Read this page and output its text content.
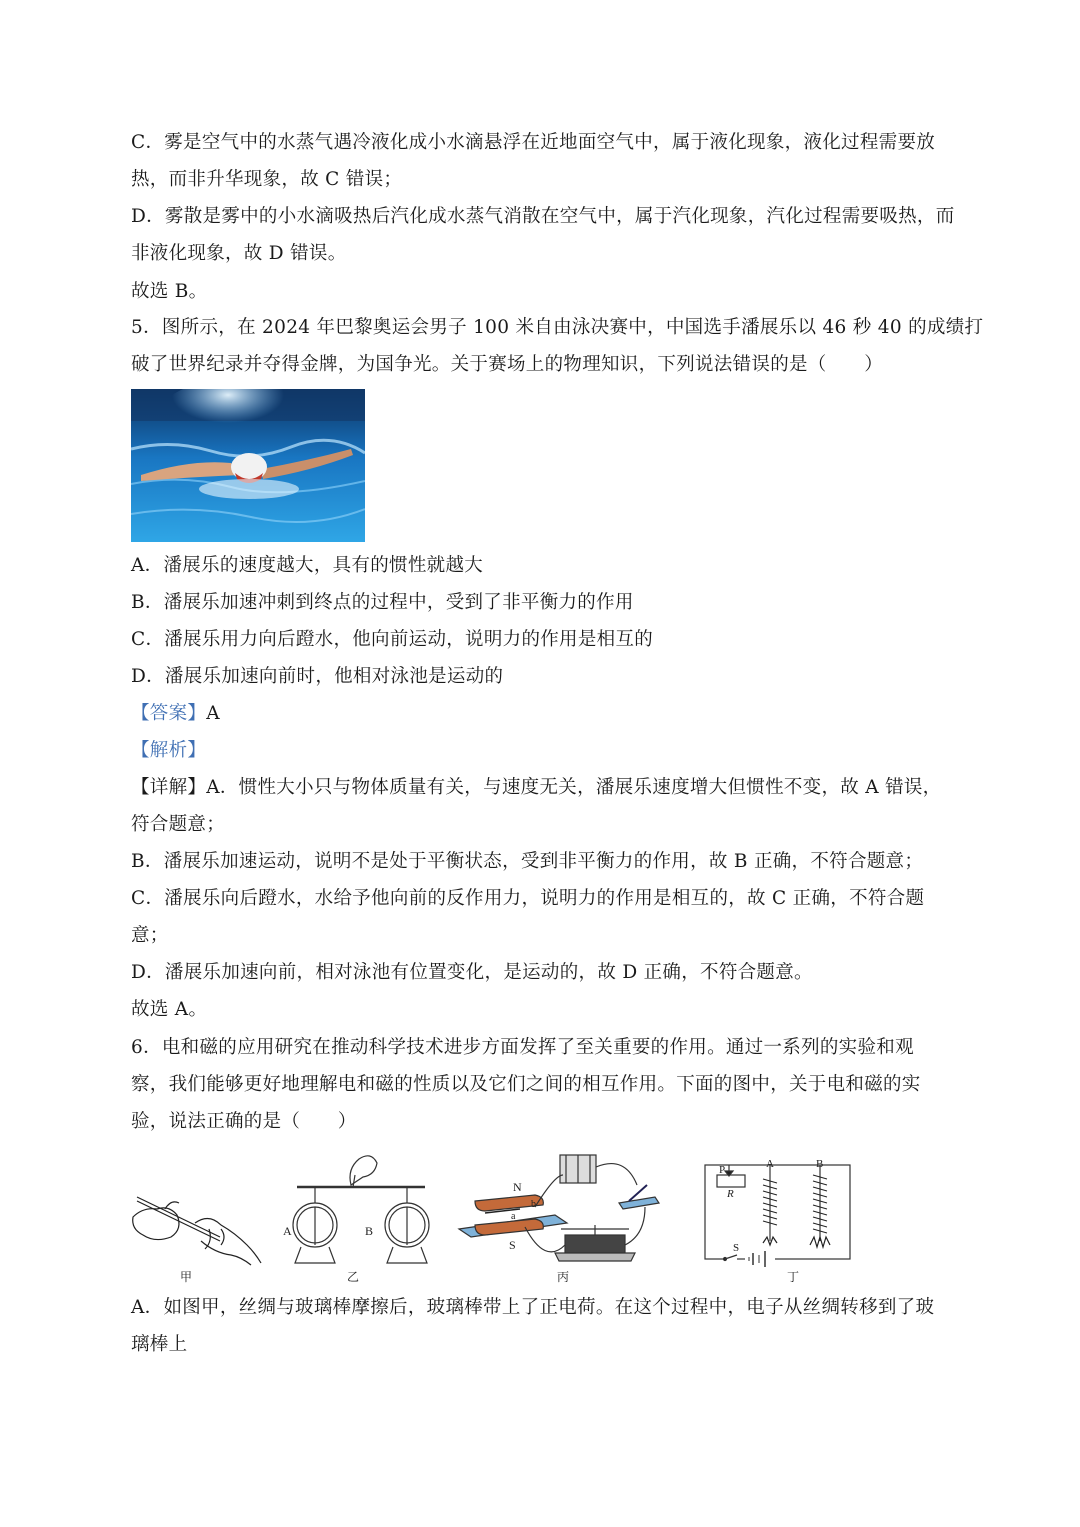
C．雾是空气中的水蒸气遇冷液化成小水滴悬浮在近地面空气中，属于液化现象，液化过程需要放
热，而非升华现象，故 C 错误；
D．雾散是雾中的小水滴吸热后汽化成水蒸气消散在空气中，属于汽化现象，汽化过程需要吸热，而
非液化现象，故 D 错误。
故选 B。
5．图所示，在 2024 年巴黎奥运会男子 100 米自由泳决赛中，中国选手潘展乐以 46 秒 40 的成绩打
破了世界纪录并夺得金牌，为国争光。关于赛场上的物理知识，下列说法错误的是（　　）
A．潘展乐的速度越大，具有的惯性就越大
B．潘展乐加速冲刺到终点的过程中，受到了非平衡力的作用
C．潘展乐用力向后蹬水，他向前运动，说明力的作用是相互的
D．潘展乐加速向前时，他相对泳池是运动的
【答案】A
【解析】
【详解】A．惯性大小只与物体质量有关，与速度无关，潘展乐速度增大但惯性不变，故 A 错误，
符合题意；
B．潘展乐加速运动，说明不是处于平衡状态，受到非平衡力的作用，故 B 正确，不符合题意；
C．潘展乐向后蹬水，水给予他向前的反作用力，说明力的作用是相互的，故 C 正确，不符合题
意；
D．潘展乐加速向前，相对泳池有位置变化，是运动的，故 D 正确，不符合题意。
故选 A。
6．电和磁的应用研究在推动科学技术进步方面发挥了至关重要的作用。通过一系列的实验和观
察，我们能够更好地理解电和磁的性质以及它们之间的相互作用。下面的图中，关于电和磁的实
验，说法正确的是（　　）
甲
A	B
乙
N
S
b
a
丙
P
R
A	B
S
丁
A．如图甲，丝绸与玻璃棒摩擦后，玻璃棒带上了正电荷。在这个过程中，电子从丝绸转移到了玻
璃棒上
